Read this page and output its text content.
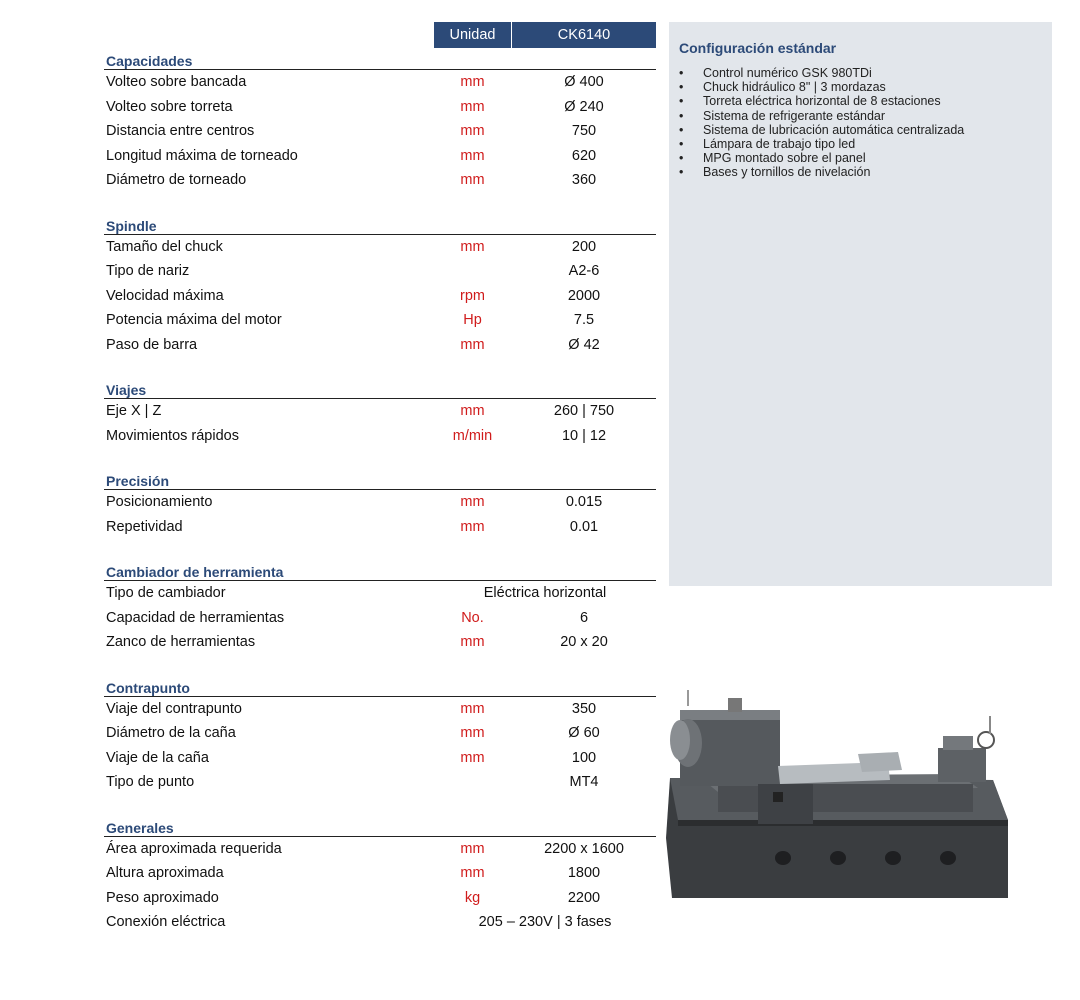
Unidad	CK6140
Capacidades
Volteo sobre bancada	mm	Ø 400
Volteo sobre torreta	mm	Ø 240
Distancia entre centros	mm	750
Longitud máxima de torneado	mm	620
Diámetro de torneado	mm	360
Spindle
Tamaño del chuck	mm	200
Tipo de nariz	A2-6
Velocidad máxima	rpm	2000
Potencia máxima del motor	Hp	7.5
Paso de barra	mm	Ø 42
Viajes
Eje X | Z	mm	260 | 750
Movimientos rápidos	m/min	10 | 12
Precisión
Posicionamiento	mm	0.015
Repetividad	mm	0.01
Cambiador de herramienta
Tipo de cambiador	Eléctrica horizontal
Capacidad de herramientas	No.	6
Zanco de herramientas	mm	20 x 20
Contrapunto
Viaje del contrapunto	mm	350
Diámetro de la caña	mm	Ø 60
Viaje de la caña	mm	100
Tipo de punto	MT4
Generales
Área aproximada requerida	mm	2200 x 1600
Altura aproximada	mm	1800
Peso aproximado	kg	2200
Conexión eléctrica	205 – 230V | 3 fases
Configuración estándar
• Control numérico GSK 980TDi
• Chuck hidráulico 8" | 3 mordazas
• Torreta eléctrica horizontal de 8 estaciones
• Sistema de refrigerante estándar
• Sistema de lubricación automática centralizada
• Lámpara de trabajo tipo led
• MPG montado sobre el panel
• Bases y tornillos de nivelación
